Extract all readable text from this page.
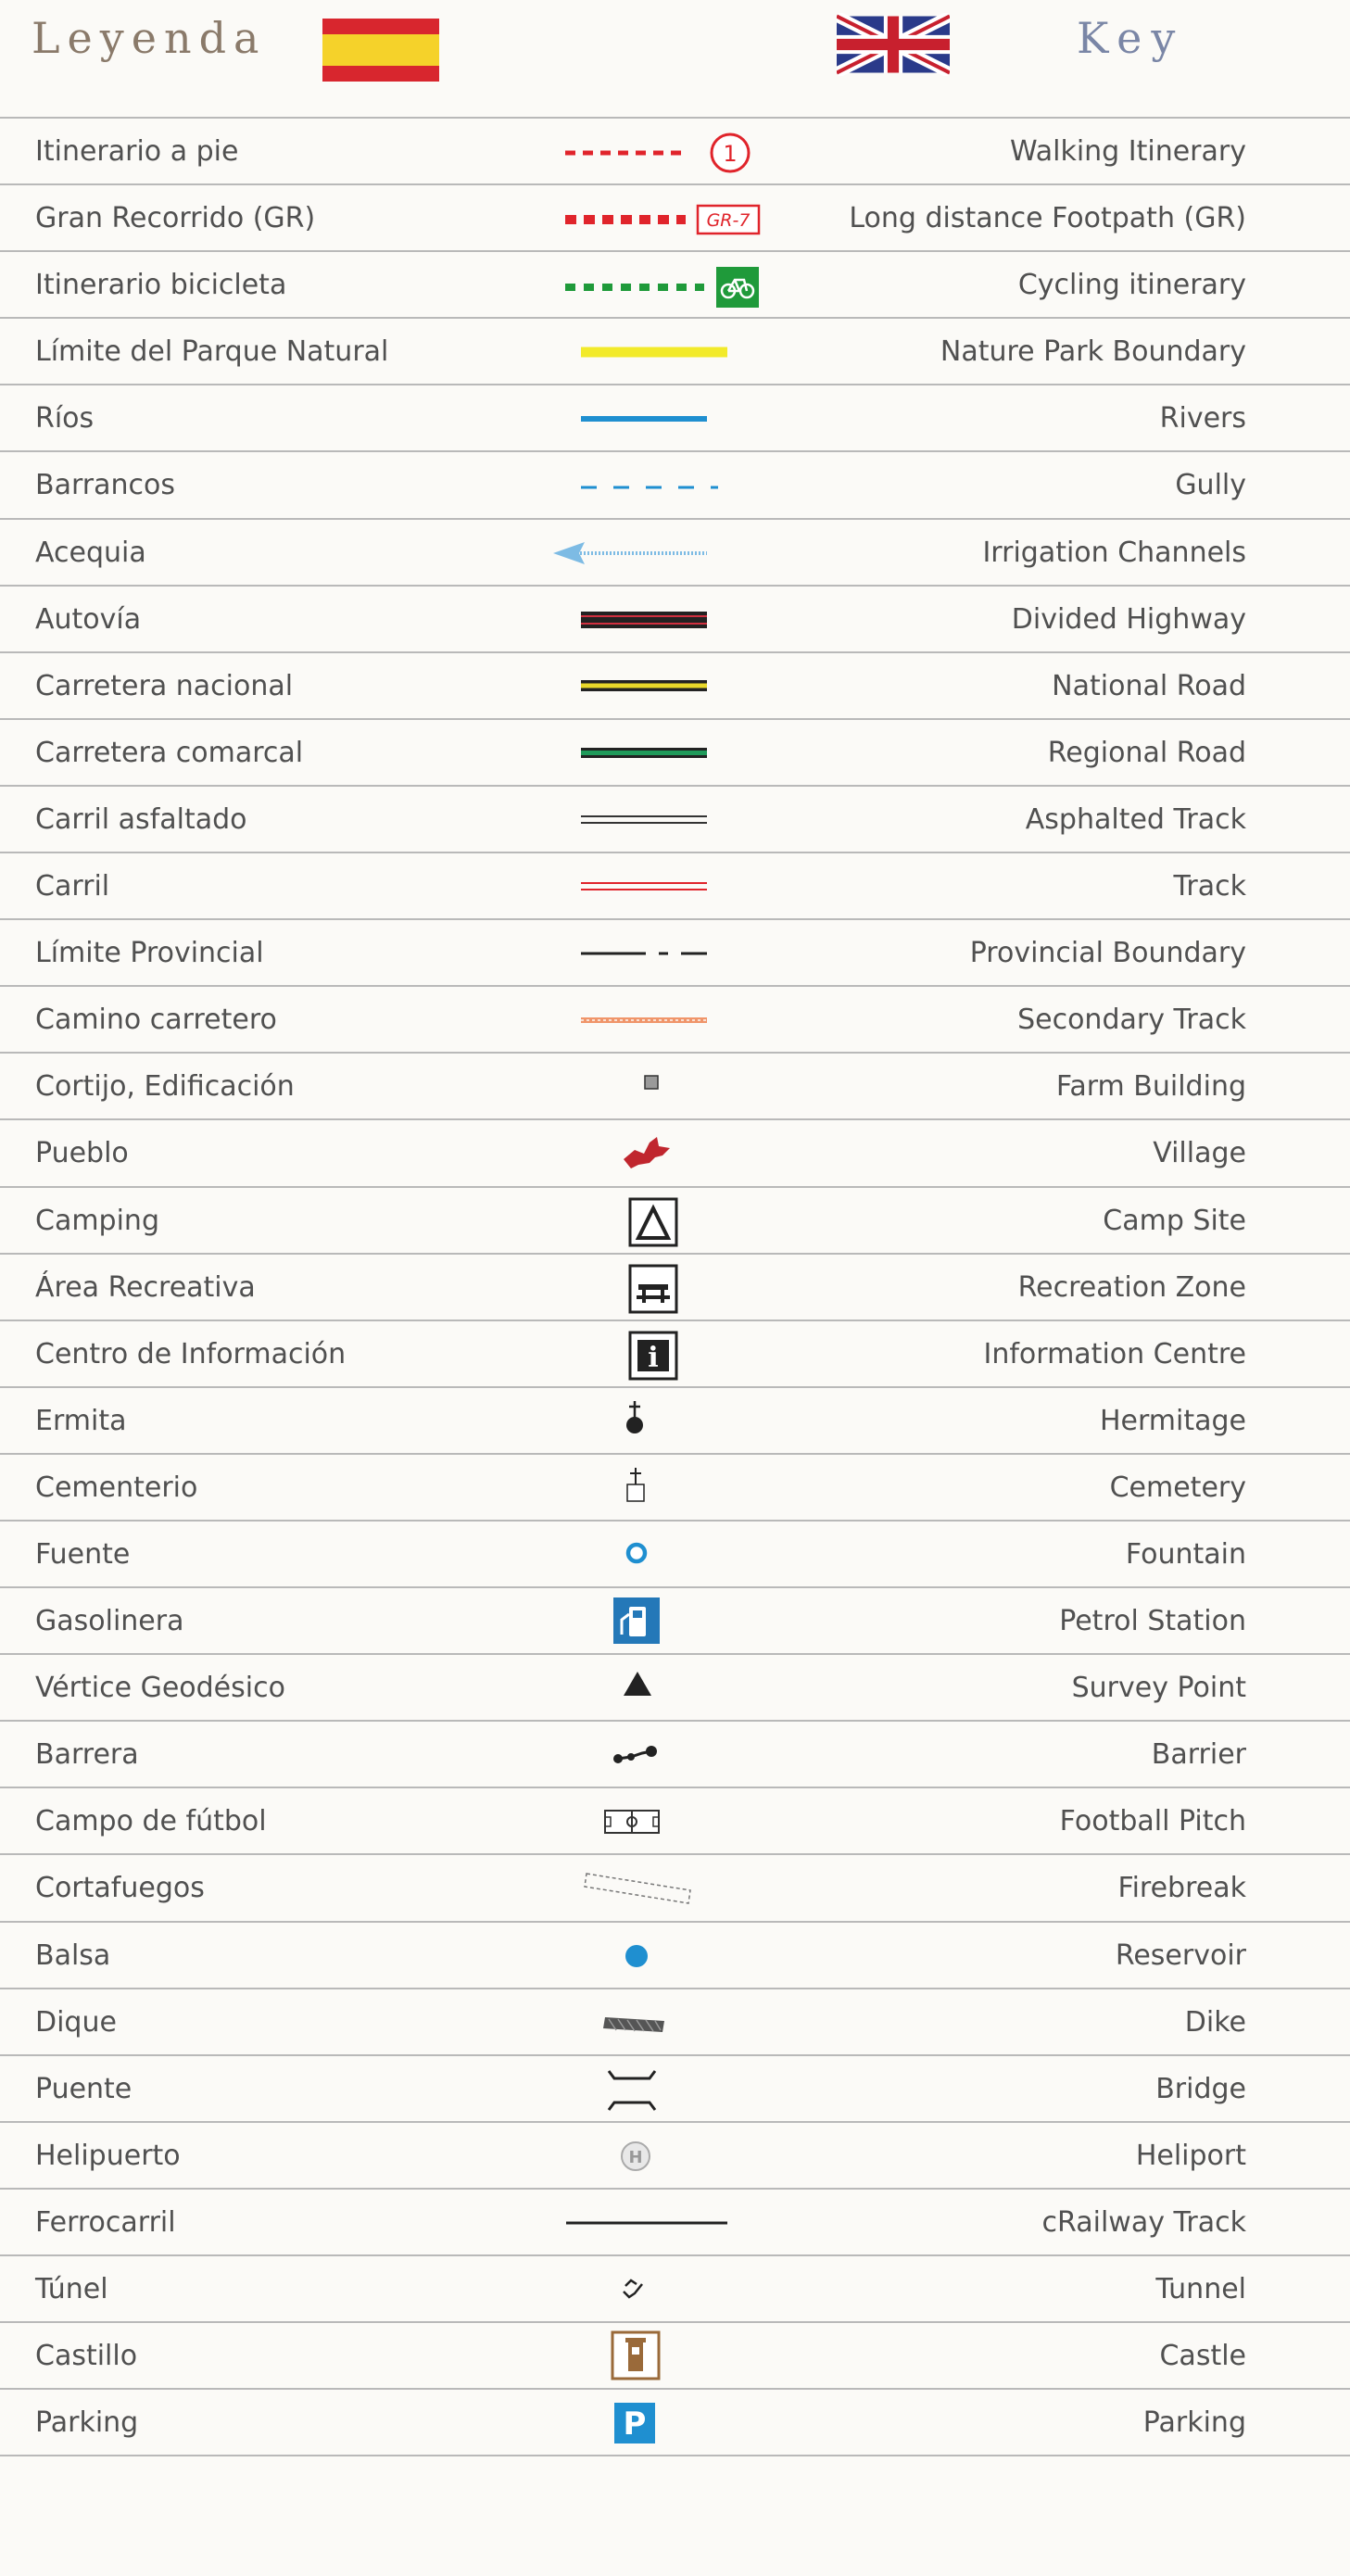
Leyenda	Key
Itinerario a pie	1	Walking Itinerary
Gran Recorrido (GR)	GR-7	Long distance Footpath (GR)
Itinerario bicicleta	Cycling itinerary
Límite del Parque Natural	Nature Park Boundary
Ríos	Rivers
Barrancos	Gully
Acequia	Irrigation Channels
Autovía	Divided Highway
Carretera nacional	National Road
Carretera comarcal	Regional Road
Carril asfaltado	Asphalted Track
Carril	Track
Límite Provincial	Provincial Boundary
Camino carretero	Secondary Track
Cortijo, Edificación	Farm Building
Pueblo	Village
Camping	Camp Site
Área Recreativa	Recreation Zone
Centro de Información	i	Information Centre
Ermita	Hermitage
Cementerio	Cemetery
Fuente	Fountain
Gasolinera	Petrol Station
Vértice Geodésico	Survey Point
Barrera	Barrier
Campo de fútbol	Football Pitch
Cortafuegos	Firebreak
Balsa	Reservoir
Dique	Dike
Puente	Bridge
Helipuerto	H	Heliport
Ferrocarril	cRailway Track
Túnel	Tunnel
Castillo	Castle
Parking	P	Parking
